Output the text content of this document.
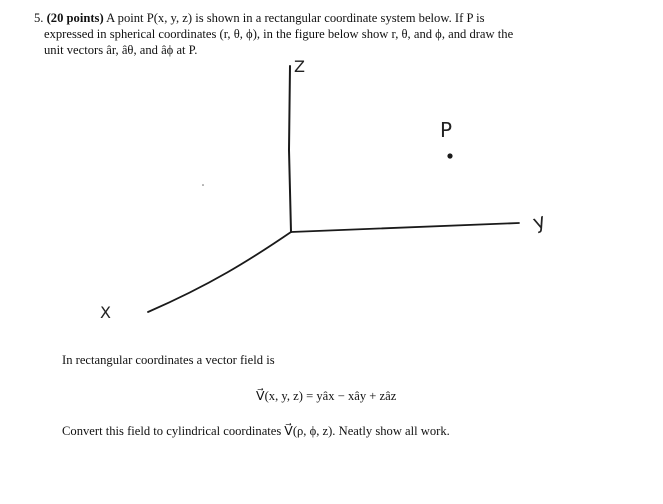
5. (20 points) A point P(x, y, z) is shown in a rectangular coordinate system below. If P is
expressed in spherical coordinates (r, θ, ϕ), in the figure below show r, θ, and ϕ, and draw the
unit vectors âr, âθ, and âϕ at P.
Z
y
X
P
In rectangular coordinates a vector field is
V⃗(x, y, z) = yâx − xây + zâz
Convert this field to cylindrical coordinates V⃗(ρ, ϕ, z). Neatly show all work.
